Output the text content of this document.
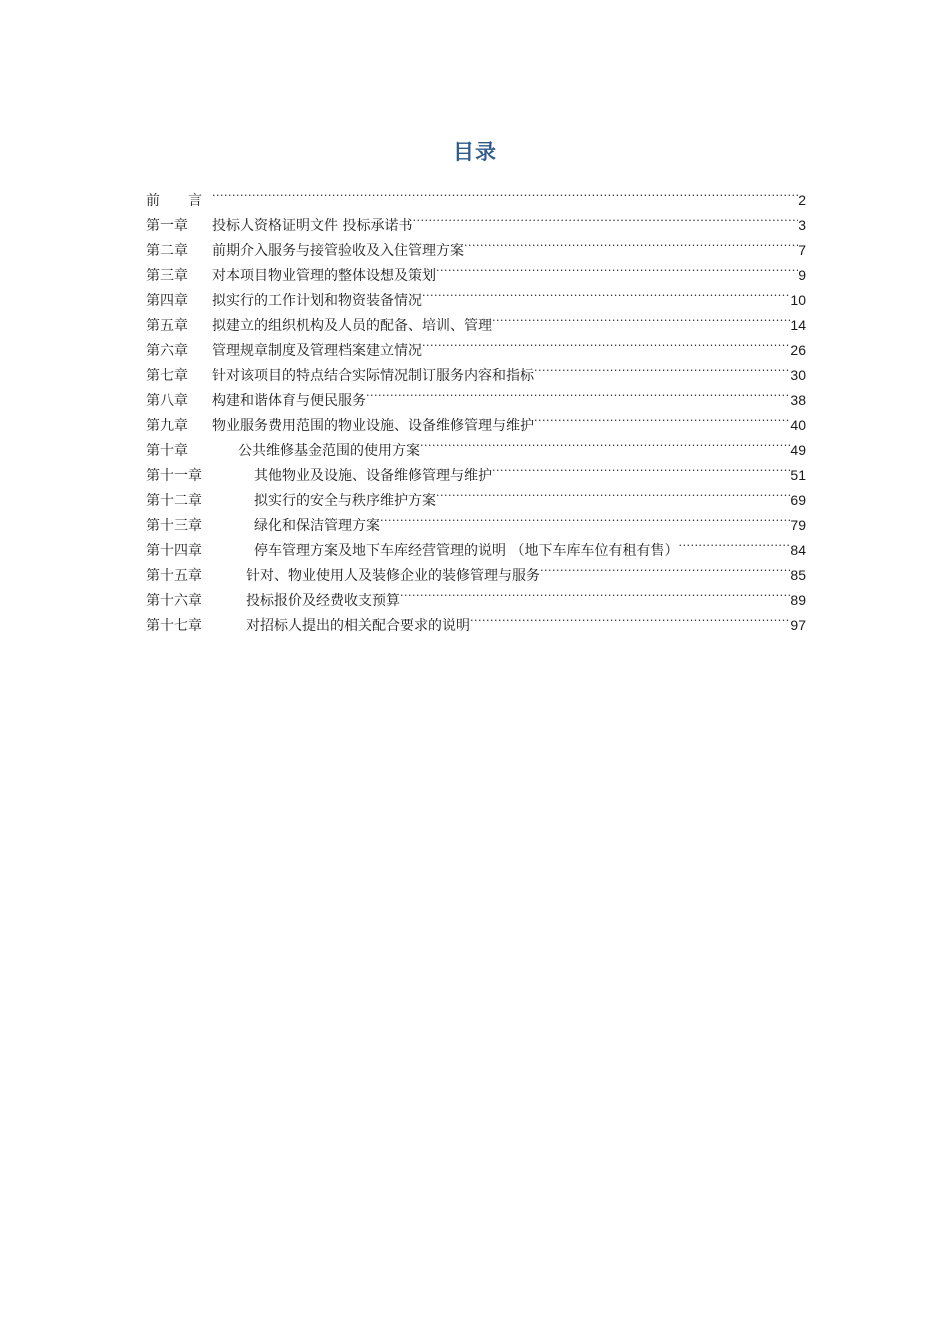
目录
前　　言 .....	2
第一章	投标人资格证明文件 投标承诺书 .....	3
第二章	前期介入服务与接管验收及入住管理方案 .....	7
第三章	对本项目物业管理的整体设想及策划 .....	9
第四章	拟实行的工作计划和物资装备情况 .....	10
第五章	拟建立的组织机构及人员的配备、培训、管理 .....	14
第六章	管理规章制度及管理档案建立情况 .....	26
第七章	针对该项目的特点结合实际情况制订服务内容和指标 .....	30
第八章	构建和谐体育与便民服务 .....	38
第九章	物业服务费用范围的物业设施、设备维修管理与维护 .....	40
第十章	公共维修基金范围的使用方案 .....	49
第十一章	其他物业及设施、设备维修管理与维护 .....	51
第十二章	拟实行的安全与秩序维护方案 .....	69
第十三章	绿化和保洁管理方案 .....	79
第十四章	停车管理方案及地下车库经营管理的说明 （地下车库车位有租有售） .....	84
第十五章	针对、物业使用人及装修企业的装修管理与服务 .....	85
第十六章	投标报价及经费收支预算 .....	89
第十七章	对招标人提出的相关配合要求的说明 .....	97
